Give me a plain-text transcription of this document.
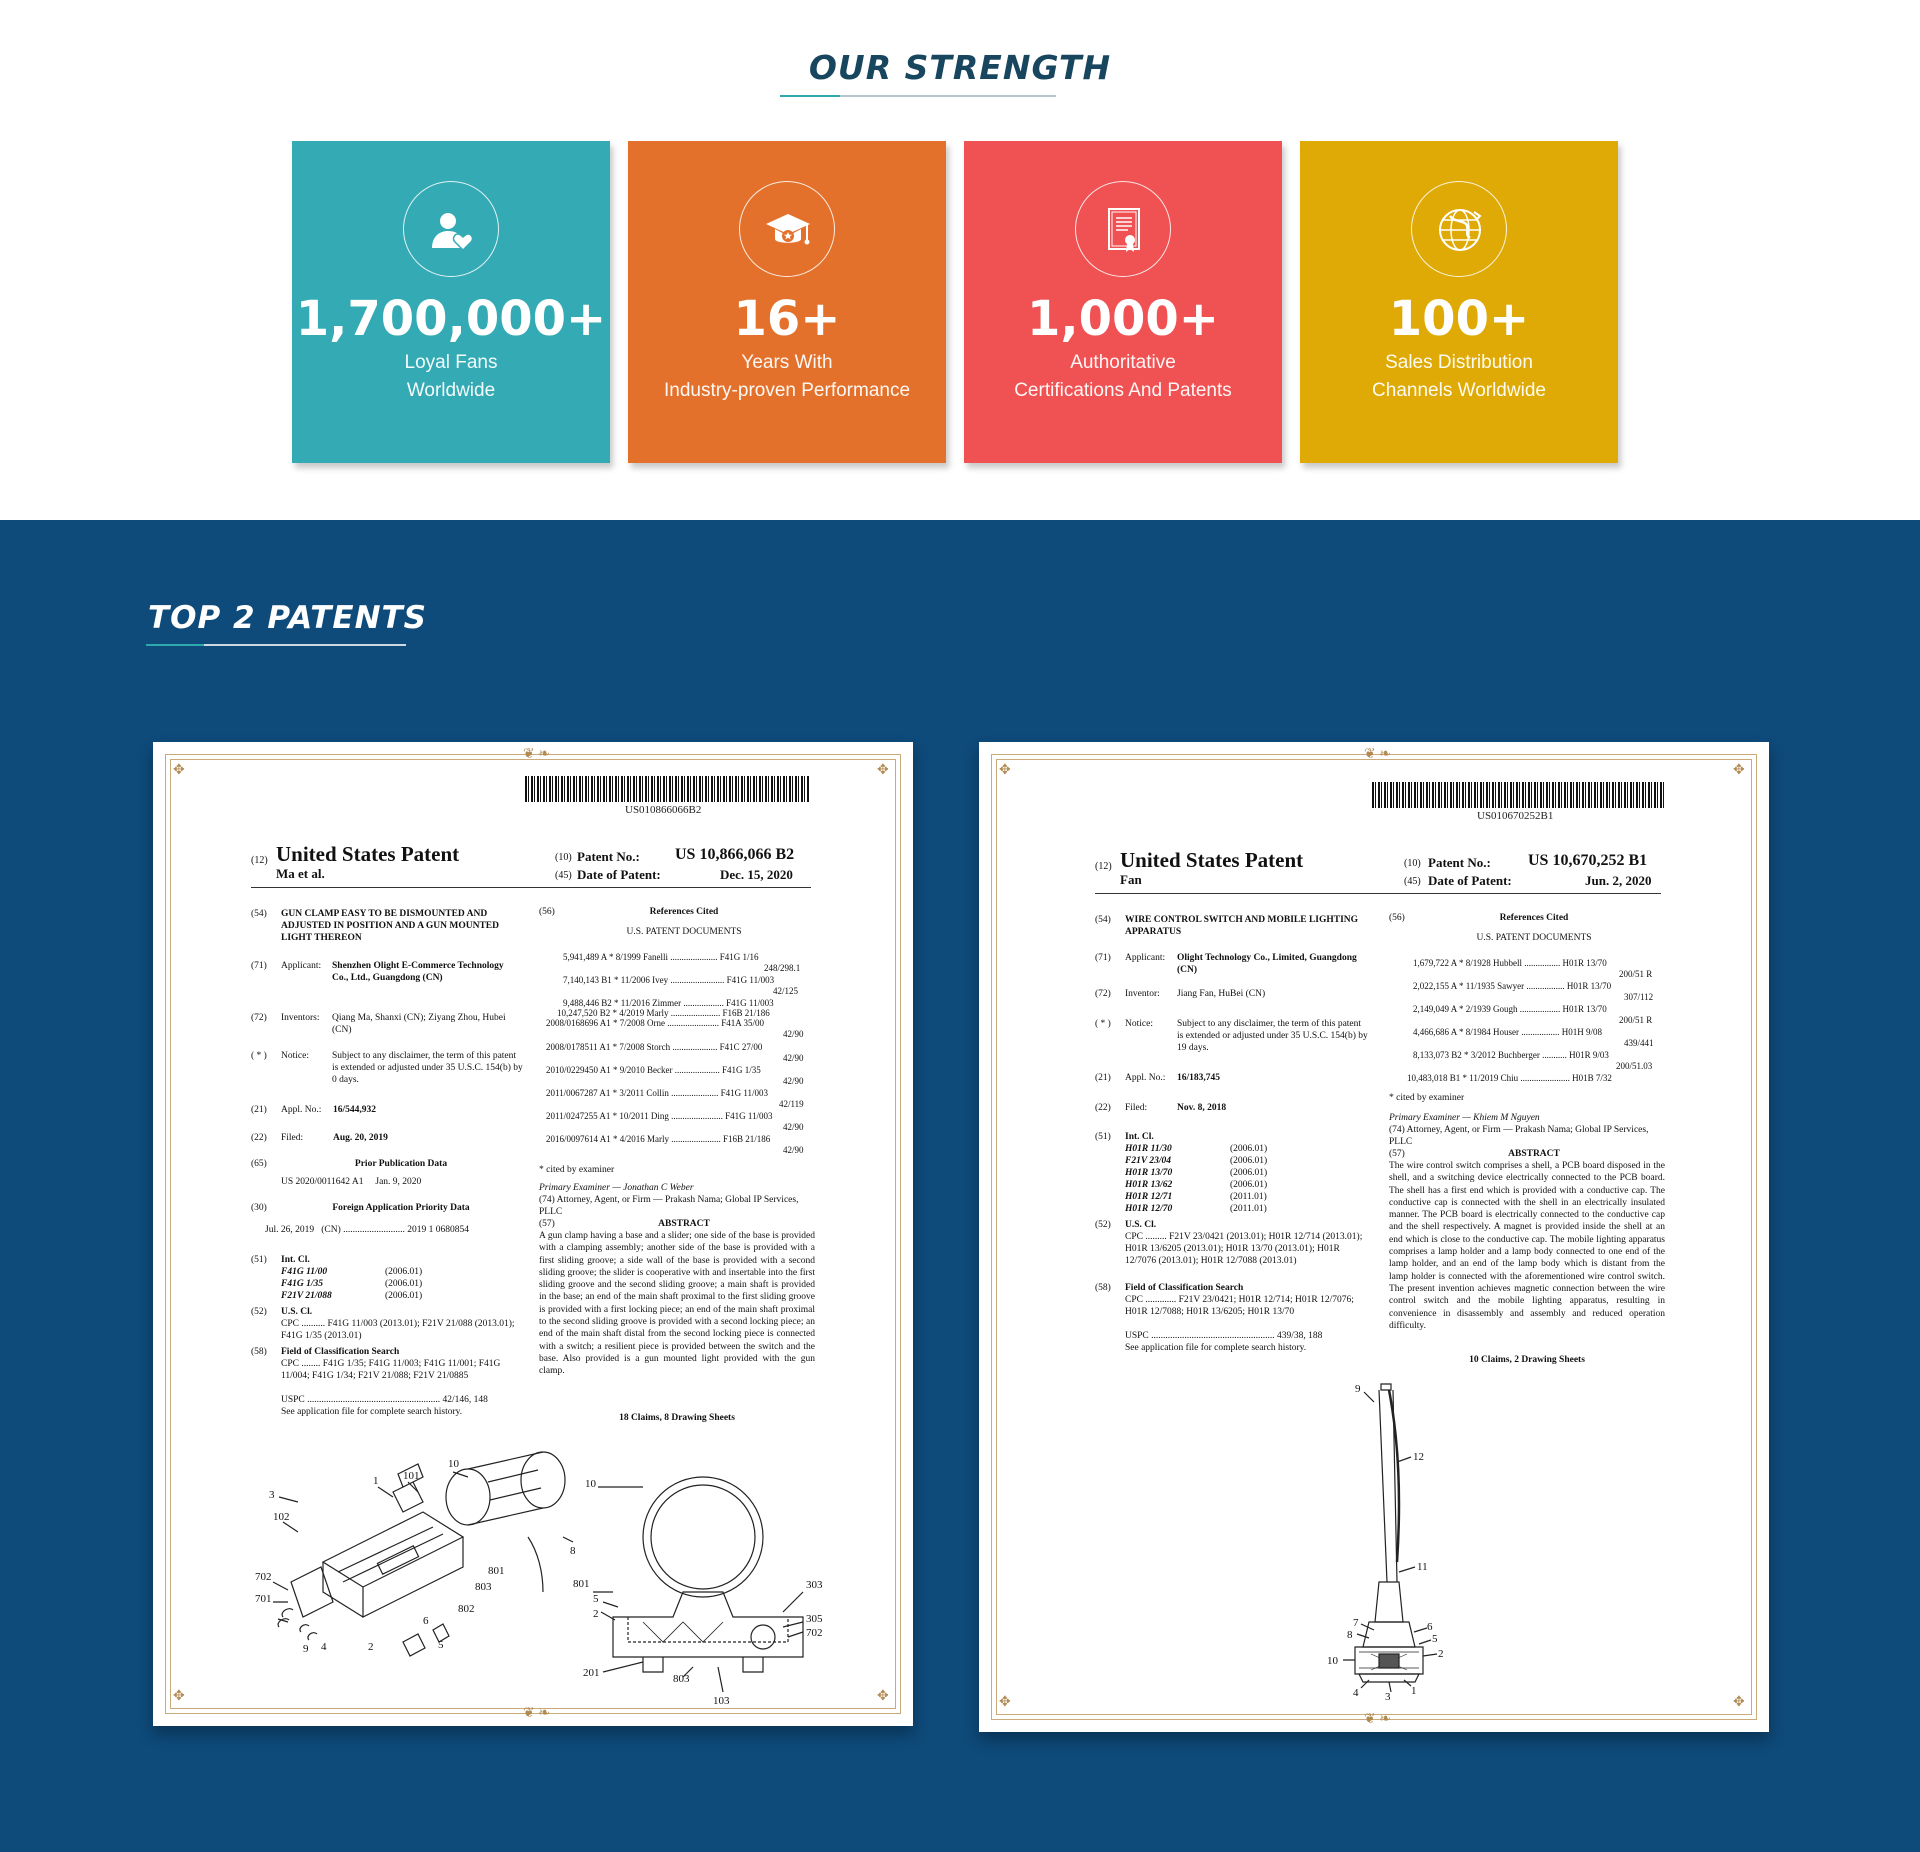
OUR STRENGTH
1,700,000+
Loyal Fans
Worldwide
16+
Years With
Industry-proven Performance
1,000+
Authoritative
Certifications And Patents
100+
Sales Distribution
Channels Worldwide
TOP 2 PATENTS
❦ ❧
❦ ❧
✥	✥
✥	✥
US010866066B2
(12) United States Patent
Ma et al.
(10) Patent No.: US 10,866,066 B2
(45) Date of Patent:	Dec. 15, 2020
(54) GUN CLAMP EASY TO BE DISMOUNTED AND ADJUSTED IN POSITION AND A GUN MOUNTED LIGHT THEREON
(71) Applicant: Shenzhen Olight E-Commerce Technology Co., Ltd., Guangdong (CN)
(72) Inventors: Qiang Ma, Shanxi (CN); Ziyang Zhou, Hubei (CN)
( * ) Notice: Subject to any disclaimer, the term of this patent is extended or adjusted under 35 U.S.C. 154(b) by 0 days.
(21) Appl. No.: 16/544,932
(22) Filed:	Aug. 20, 2019
(65)	Prior Publication Data
US 2020/0011642 A1     Jan. 9, 2020
(30)	Foreign Application Priority Data
Jul. 26, 2019   (CN) .......................... 2019 1 0680854
(51) Int. Cl.
F41G 11/00	(2006.01)
F41G 1/35	(2006.01)
F21V 21/088	(2006.01)
(52) U.S. Cl.
CPC .......... F41G 11/003 (2013.01); F21V 21/088 (2013.01); F41G 1/35 (2013.01)
(58) Field of Classification Search
CPC ........ F41G 1/35; F41G 11/003; F41G 11/001; F41G 11/004; F41G 1/34; F21V 21/088; F21V 21/0885
USPC ........................................................ 42/146, 148
See application file for complete search history.
(56)	References Cited
U.S. PATENT DOCUMENTS
5,941,489 A * 8/1999 Fanelli ..................... F41G 1/16
248/298.1
7,140,143 B1 * 11/2006 Ivey ........................ F41G 11/003
42/125
9,488,446 B2 * 11/2016 Zimmer .................. F41G 11/003
10,247,520 B2 * 4/2019 Marly ...................... F16B 21/186
2008/0168696 A1 * 7/2008 Orne ....................... F41A 35/00
42/90
2008/0178511 A1 * 7/2008 Storch .................... F41C 27/00
42/90
2010/0229450 A1 * 9/2010 Becker .................... F41G 1/35
42/90
2011/0067287 A1 * 3/2011 Collin ..................... F41G 11/003
42/119
2011/0247255 A1 * 10/2011 Ding ....................... F41G 11/003
42/90
2016/0097614 A1 * 4/2016 Marly ...................... F16B 21/186
42/90
* cited by examiner
Primary Examiner — Jonathan C Weber
(74) Attorney, Agent, or Firm — Prakash Nama; Global IP Services, PLLC
(57)	ABSTRACT
A gun clamp having a base and a slider; one side of the base is provided with a clamping assembly; another side of the base is provided with a first sliding groove; a side wall of the base is provided with a second sliding groove; the slider is cooperative with and insertable into the first sliding groove and the second sliding groove; a main shaft is provided in the base; an end of the main shaft proximal to the first sliding groove is provided with a first locking piece; an end of the main shaft proximal to the second sliding groove is provided with a second locking piece; an end of the main shaft distal from the second locking piece is connected with a switch; a resilient piece is provided between the switch and the base. Also provided is a gun mounted light provided with the gun clamp.
18 Claims, 8 Drawing Sheets
3
1 101
10
102
8
702	801
701
803
9 4	2
6
5
802
10
801	303
5
305
2
702
201	803
103
❦ ❧
❦ ❧
✥	✥
✥	✥
US010670252B1
(12) United States Patent
Fan
(10) Patent No.: US 10,670,252 B1
(45) Date of Patent:	Jun. 2, 2020
(54) WIRE CONTROL SWITCH AND MOBILE LIGHTING APPARATUS
(71) Applicant: Olight Technology Co., Limited, Guangdong (CN)
(72) Inventor: Jiang Fan, HuBei (CN)
( * ) Notice:	Subject to any disclaimer, the term of this patent is extended or adjusted under 35 U.S.C. 154(b) by 19 days.
(21) Appl. No.: 16/183,745
(22) Filed:	Nov. 8, 2018
(51) Int. Cl.
H01R 11/30	(2006.01)
F21V 23/04	(2006.01)
H01R 13/70	(2006.01)
H01R 13/62	(2006.01)
H01R 12/71	(2011.01)
H01R 12/70	(2011.01)
(52) U.S. Cl.
CPC ......... F21V 23/0421 (2013.01); H01R 12/714 (2013.01); H01R 13/6205 (2013.01); H01R 13/70 (2013.01); H01R 12/7076 (2013.01); H01R 12/7088 (2013.01)
(58) Field of Classification Search
CPC ............. F21V 23/0421; H01R 12/714; H01R 12/7076; H01R 12/7088; H01R 13/6205; H01R 13/70
USPC .................................................... 439/38, 188
See application file for complete search history.
(56)	References Cited
U.S. PATENT DOCUMENTS
1,679,722 A * 8/1928 Hubbell ................ H01R 13/70
200/51 R
2,022,155 A * 11/1935 Sawyer ................. H01R 13/70
307/112
2,149,049 A * 2/1939 Gough .................. H01R 13/70
200/51 R
4,466,686 A * 8/1984 Houser ................. H01H 9/08
439/441
8,133,073 B2 * 3/2012 Buchberger ........... H01R 9/03
200/51.03
10,483,018 B1 * 11/2019 Chiu ...................... H01B 7/32
* cited by examiner
Primary Examiner — Khiem M Nguyen
(74) Attorney, Agent, or Firm — Prakash Nama; Global IP Services, PLLC
(57)	ABSTRACT
The wire control switch comprises a shell, a PCB board disposed in the shell, and a switching device electrically connected to the PCB board. The shell has a first end which is provided with a conductive cap. The conductive cap is connected with the shell in an electrically insulated manner. The PCB board is electrically connected to the conductive cap and the shell respectively. A magnet is provided inside the shell at an end which is close to the conductive cap. The mobile lighting apparatus comprises a lamp holder and a lamp body connected to one end of the lamp holder, and an end of the lamp body which is distant from the lamp holder is connected with the aforementioned wire control switch. The present invention achieves magnetic connection between the wire control switch and the mobile lighting apparatus, resulting in convenience in disassembly and assembly and reduced operation difficulty.
10 Claims, 2 Drawing Sheets
9
12
11
7	6
8	5
10
2
4 3 1
